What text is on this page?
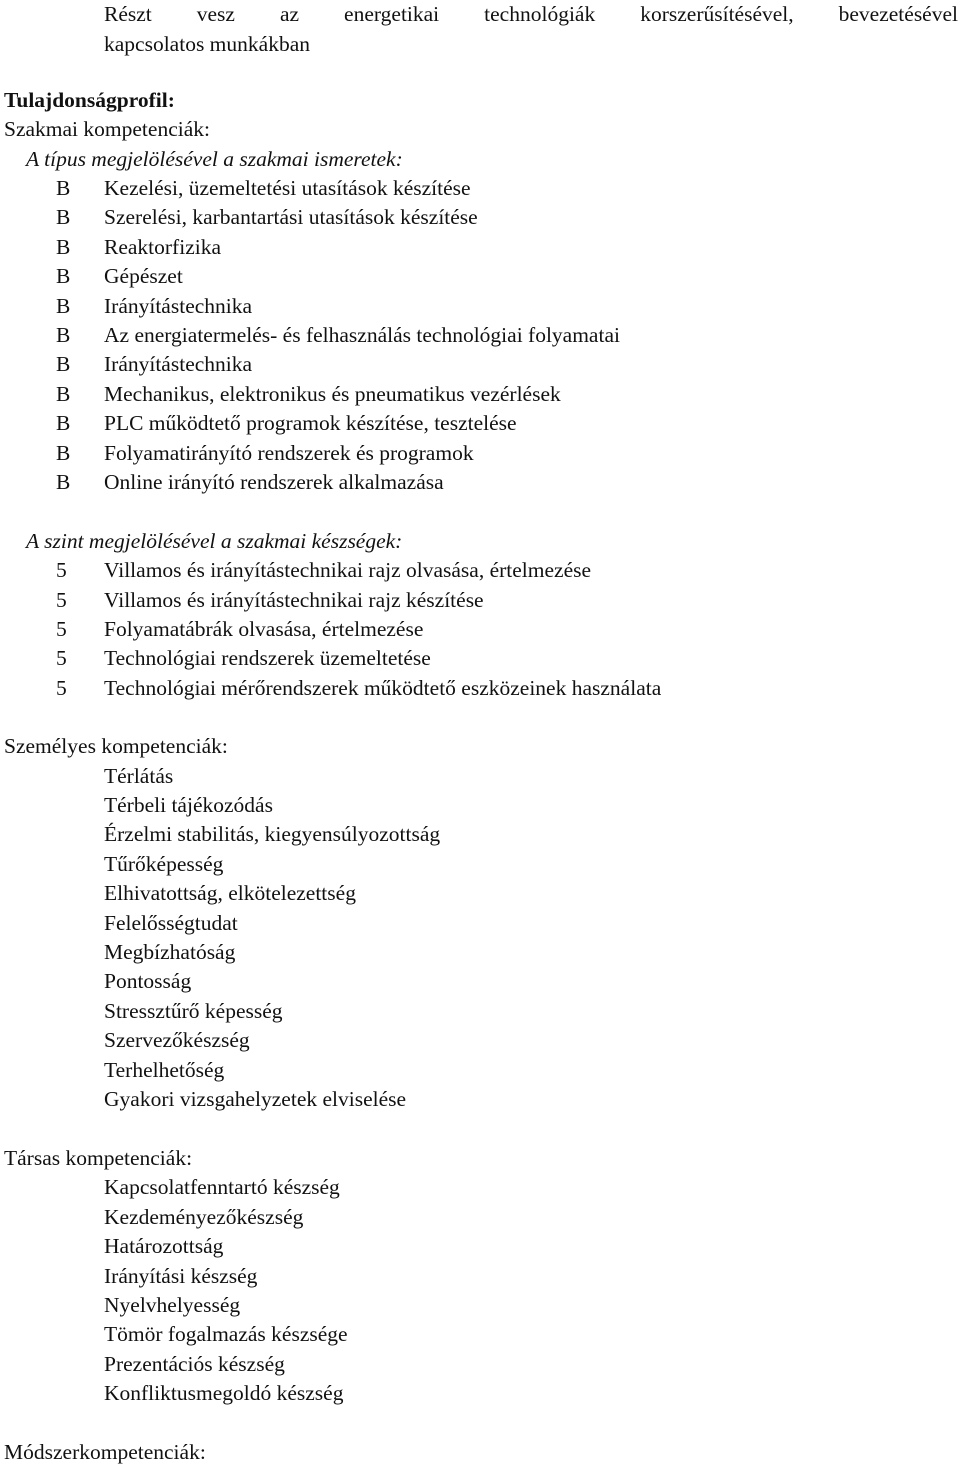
Részt vesz az energetikai technológiák korszerűsítésével, bevezetésével
kapcsolatos munkákban
Tulajdonságprofil:
Szakmai kompetenciák:
A típus megjelölésével a szakmai ismeretek:
B	Kezelési, üzemeltetési utasítások készítése
B	Szerelési, karbantartási utasítások készítése
B	Reaktorfizika
B	Gépészet
B	Irányítástechnika
B	Az energiatermelés- és felhasználás technológiai folyamatai
B	Irányítástechnika
B	Mechanikus, elektronikus és pneumatikus vezérlések
B	PLC működtető programok készítése, tesztelése
B	Folyamatirányító rendszerek és programok
B	Online irányító rendszerek alkalmazása
A szint megjelölésével a szakmai készségek:
5	Villamos és irányítástechnikai rajz olvasása, értelmezése
5	Villamos és irányítástechnikai rajz készítése
5	Folyamatábrák olvasása, értelmezése
5	Technológiai rendszerek üzemeltetése
5	Technológiai mérőrendszerek működtető eszközeinek használata
Személyes kompetenciák:
Térlátás
Térbeli tájékozódás
Érzelmi stabilitás, kiegyensúlyozottság
Tűrőképesség
Elhivatottság, elkötelezettség
Felelősségtudat
Megbízhatóság
Pontosság
Stressztűrő képesség
Szervezőkészség
Terhelhetőség
Gyakori vizsgahelyzetek elviselése
Társas kompetenciák:
Kapcsolatfenntartó készség
Kezdeményezőkészség
Határozottság
Irányítási készség
Nyelvhelyesség
Tömör fogalmazás készsége
Prezentációs készség
Konfliktusmegoldó készség
Módszerkompetenciák:
